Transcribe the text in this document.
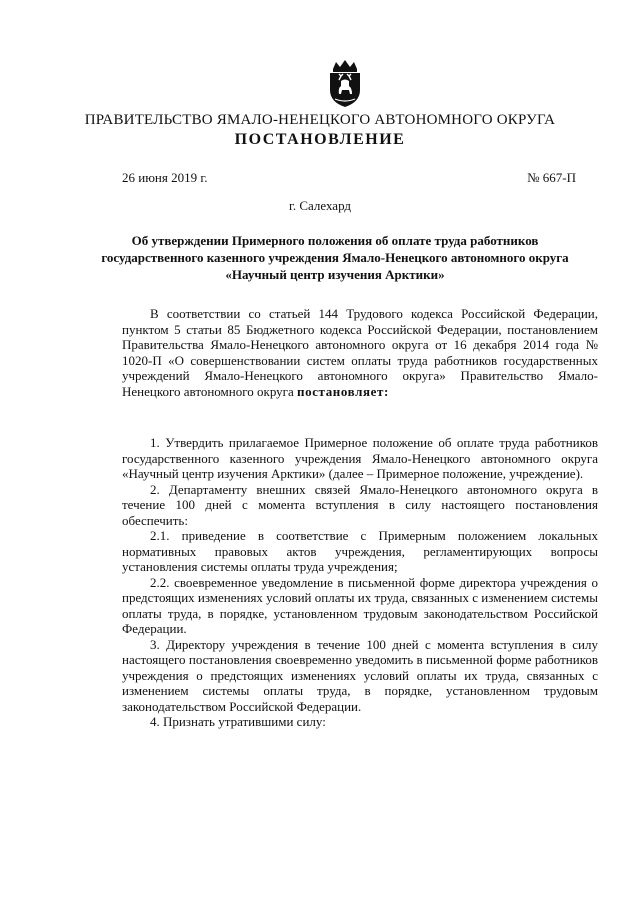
ПРАВИТЕЛЬСТВО ЯМАЛО-НЕНЕЦКОГО АВТОНОМНОГО ОКРУГА
ПОСТАНОВЛЕНИЕ
26 июня 2019 г.	№ 667-П
г. Салехард
Об утверждении Примерного положения об оплате труда работников государственного казенного учреждения Ямало-Ненецкого автономного округа «Научный центр изучения Арктики»

В соответствии со статьей 144 Трудового кодекса Российской Федерации, пунктом 5 статьи 85 Бюджетного кодекса Российской Федерации, постановлением Правительства Ямало-Ненецкого автономного округа от 16 декабря 2014 года № 1020-П «О совершенствовании систем оплаты труда работников государственных учреждений Ямало-Ненецкого автономного округа» Правительство Ямало-Ненецкого автономного округа постановляет:

1. Утвердить прилагаемое Примерное положение об оплате труда работников государственного казенного учреждения Ямало-Ненецкого автономного округа «Научный центр изучения Арктики» (далее – Примерное положение, учреждение).

2. Департаменту внешних связей Ямало-Ненецкого автономного округа в течение 100 дней с момента вступления в силу настоящего постановления обеспечить:

2.1. приведение в соответствие с Примерным положением локальных нормативных правовых актов учреждения, регламентирующих вопросы установления системы оплаты труда учреждения;

2.2. своевременное уведомление в письменной форме директора учреждения о предстоящих изменениях условий оплаты их труда, связанных с изменением системы оплаты труда, в порядке, установленном трудовым законодательством Российской Федерации.

3. Директору учреждения в течение 100 дней с момента вступления в силу настоящего постановления своевременно уведомить в письменной форме работников учреждения о предстоящих изменениях условий оплаты их труда, связанных с изменением системы оплаты труда, в порядке, установленном трудовым законодательством Российской Федерации.

4. Признать утратившими силу:
